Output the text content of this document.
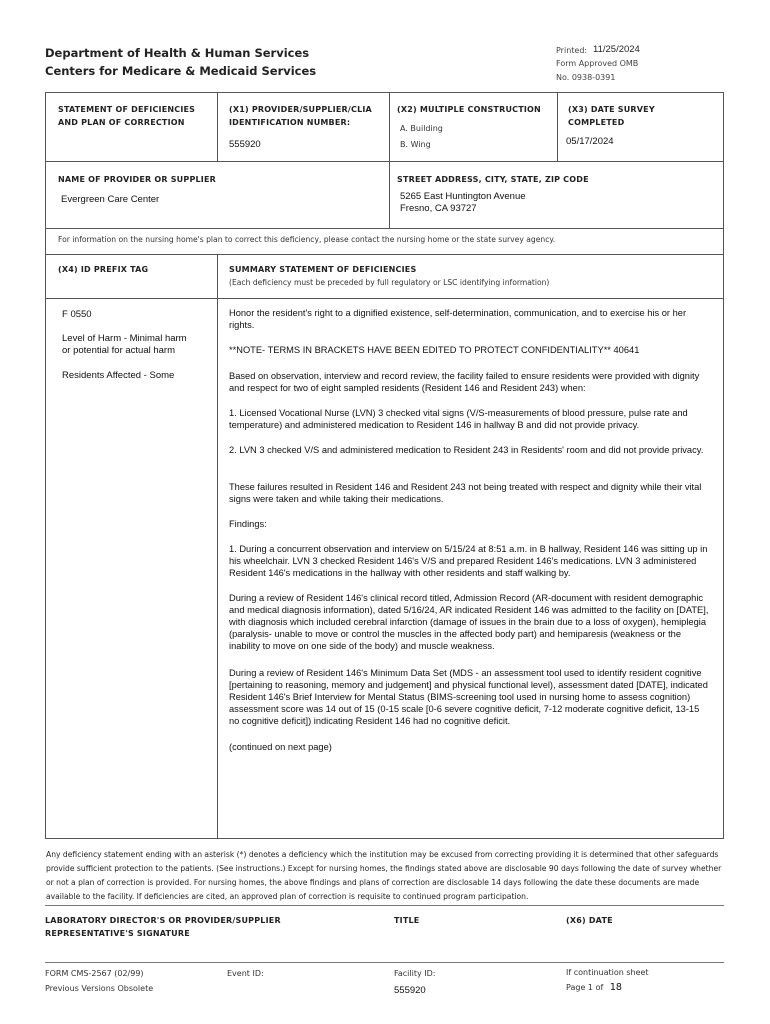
Department of Health & Human Services
Centers for Medicare & Medicaid Services
Printed: 11/25/2024
Form Approved OMB
No. 0938-0391
STATEMENT OF DEFICIENCIES
AND PLAN OF CORRECTION
(X1) PROVIDER/SUPPLIER/CLIA
IDENTIFICATION NUMBER:
555920
(X2) MULTIPLE CONSTRUCTION
A. Building
B. Wing
(X3) DATE SURVEY
COMPLETED
05/17/2024
NAME OF PROVIDER OR SUPPLIER
Evergreen Care Center
STREET ADDRESS, CITY, STATE, ZIP CODE
5265 East Huntington Avenue
Fresno, CA 93727
For information on the nursing home's plan to correct this deficiency, please contact the nursing home or the state survey agency.
(X4) ID PREFIX TAG	SUMMARY STATEMENT OF DEFICIENCIES
(Each deficiency must be preceded by full regulatory or LSC identifying information)
F 0550
Level of Harm - Minimal harm
or potential for actual harm
Residents Affected - Some
Honor the resident's right to a dignified existence, self-determination, communication, and to exercise his or her rights.
**NOTE- TERMS IN BRACKETS HAVE BEEN EDITED TO PROTECT CONFIDENTIALITY** 40641
Based on observation, interview and record review, the facility failed to ensure residents were provided with dignity and respect for two of eight sampled residents (Resident 146 and Resident 243) when:
1. Licensed Vocational Nurse (LVN) 3 checked vital signs (V/S-measurements of blood pressure, pulse rate and temperature) and administered medication to Resident 146 in hallway B and did not provide privacy.
2. LVN 3 checked V/S and administered medication to Resident 243 in Residents' room and did not provide privacy.
These failures resulted in Resident 146 and Resident 243 not being treated with respect and dignity while their vital signs were taken and while taking their medications.
Findings:
1. During a concurrent observation and interview on 5/15/24 at 8:51 a.m. in B hallway, Resident 146 was sitting up in his wheelchair. LVN 3 checked Resident 146's V/S and prepared Resident 146's medications. LVN 3 administered Resident 146's medications in the hallway with other residents and staff walking by.
During a review of Resident 146's clinical record titled, Admission Record (AR-document with resident demographic and medical diagnosis information), dated 5/16/24, AR indicated Resident 146 was admitted to the facility on [DATE], with diagnosis which included cerebral infarction (damage of issues in the brain due to a loss of oxygen), hemiplegia (paralysis- unable to move or control the muscles in the affected body part) and hemiparesis (weakness or the inability to move on one side of the body) and muscle weakness.
During a review of Resident 146's Minimum Data Set (MDS - an assessment tool used to identify resident cognitive [pertaining to reasoning, memory and judgement] and physical functional level), assessment dated [DATE], indicated Resident 146's Brief Interview for Mental Status (BIMS-screening tool used in nursing home to assess cognition) assessment score was 14 out of 15 (0-15 scale [0-6 severe cognitive deficit, 7-12 moderate cognitive deficit, 13-15 no cognitive deficit]) indicating Resident 146 had no cognitive deficit.
(continued on next page)
Any deficiency statement ending with an asterisk (*) denotes a deficiency which the institution may be excused from correcting providing it is determined that other safeguards provide sufficient protection to the patients. (See instructions.) Except for nursing homes, the findings stated above are disclosable 90 days following the date of survey whether or not a plan of correction is provided. For nursing homes, the above findings and plans of correction are disclosable 14 days following the date these documents are made available to the facility. If deficiencies are cited, an approved plan of correction is requisite to continued program participation.
LABORATORY DIRECTOR'S OR PROVIDER/SUPPLIER
REPRESENTATIVE'S SIGNATURE
TITLE	(X6) DATE
FORM CMS-2567 (02/99)
Previous Versions Obsolete
Event ID:	Facility ID:
555920
If continuation sheet
Page 1 of 18
